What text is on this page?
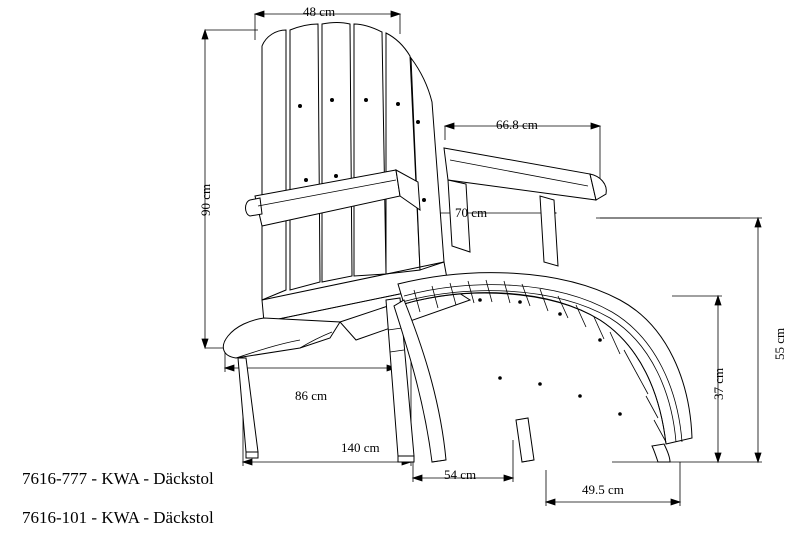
48 cm
66.8 cm
70 cm
90 cm
55 cm
37 cm
86 cm
140 cm
54 cm
49.5 cm
7616-777 - KWA - Däckstol
7616-101 - KWA - Däckstol
